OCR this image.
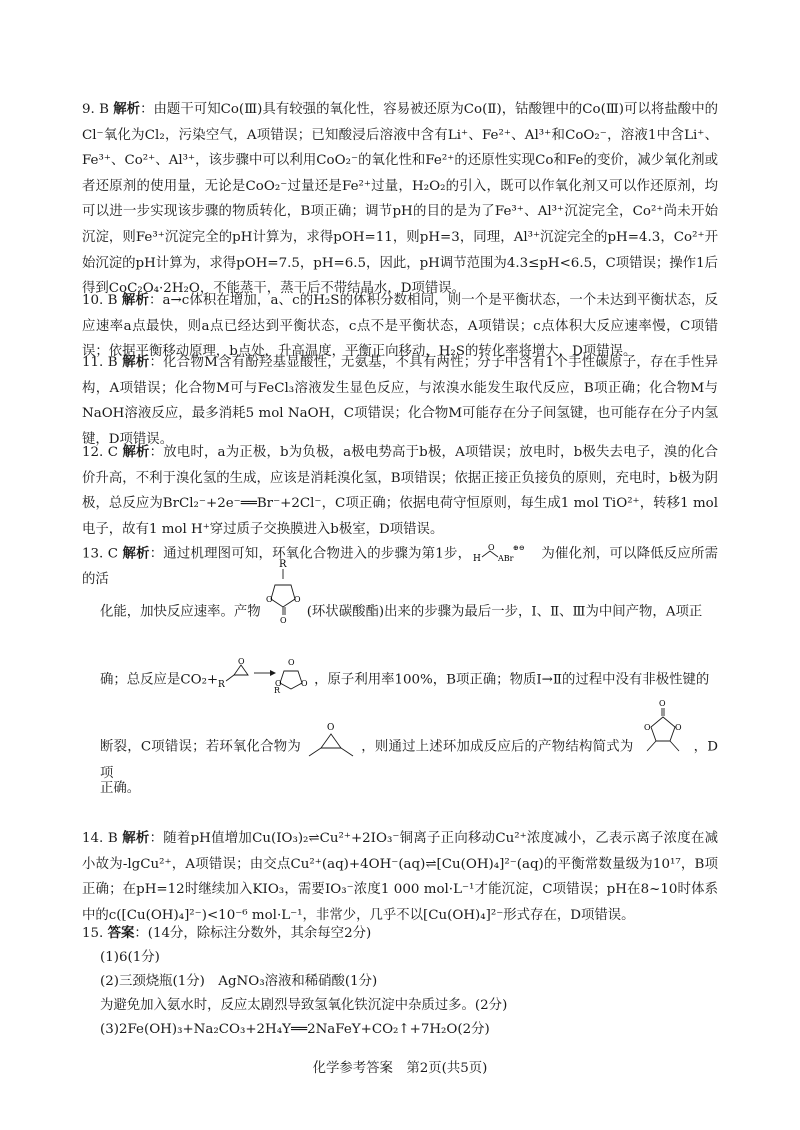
9. B 解析：由题干可知Co(Ⅲ)具有较强的氧化性，容易被还原为Co(Ⅱ)，钴酸锂中的Co(Ⅲ)可以将盐酸中的Cl⁻氧化为Cl₂，污染空气，A项错误；已知酸浸后溶液中含有Li⁺、Fe²⁺、Al³⁺和CoO₂⁻，溶液1中含Li⁺、Fe³⁺、Co²⁺、Al³⁺，该步骤中可以利用CoO₂⁻的氧化性和Fe²⁺的还原性实现Co和Fe的变价，减少氧化剂或者还原剂的使用量，无论是CoO₂⁻过量还是Fe²⁺过量，H₂O₂的引入，既可以作氧化剂又可以作还原剂，均可以进一步实现该步骤的物质转化，B项正确；调节pH的目的是为了Fe³⁺、Al³⁺沉淀完全，Co²⁺尚未开始沉淀，则Fe³⁺沉淀完全的pH计算为，求得pOH=11，则pH=3，同理，Al³⁺沉淀完全的pH=4.3，Co²⁺开始沉淀的pH计算为，求得pOH=7.5，pH=6.5，因此，pH调节范围为4.3≤pH<6.5，C项错误；操作1后得到CoC₂O₄·2H₂O，不能蒸干，蒸干后不带结晶水，D项错误。
10. B 解析：a→c体积在增加，a、c的H₂S的体积分数相同，则一个是平衡状态，一个未达到平衡状态，反应速率a点最快，则a点已经达到平衡状态，c点不是平衡状态，A项错误；c点体积大反应速率慢，C项错误；依据平衡移动原理，b点处，升高温度，平衡正向移动，H₂S的转化率将增大，D项错误。
11. B 解析：化合物M含有酚羟基显酸性，无氨基，不具有两性；分子中含有1个手性碳原子，存在手性异构，A项错误；化合物M可与FeCl₃溶液发生显色反应，与浓溴水能发生取代反应，B项正确；化合物M与NaOH溶液反应，最多消耗5 mol NaOH，C项错误；化合物M可能存在分子间氢键，也可能存在分子内氢键，D项错误。
12. C 解析：放电时，a为正极，b为负极，a极电势高于b极，A项错误；放电时，b极失去电子，溴的化合价升高，不利于溴化氢的生成，应该是消耗溴化氢，B项错误；依据正接正负接负的原则，充电时，b极为阴极，总反应为BrCl₂⁻+2e⁻══Br⁻+2Cl⁻，C项正确；依据电荷守恒原则，每生成1 mol TiO²⁺，转移1 mol电子，故有1 mol H⁺穿过质子交换膜进入b极室，D项错误。
13. C 解析：通过机理图可知，环氧化合物进入的步骤为第1步， H
O
ABr
⊕⊖ 为催化剂，可以降低反应所需的活
化能，加快反应速率。产物
R
O	O
O
(环状碳酸酯)出来的步骤为最后一步，Ⅰ、Ⅱ、Ⅲ为中间产物，A项正
确；总反应是CO₂+ R
O	O
O O
R
，原子利用率100%，B项正确；物质Ⅰ→Ⅱ的过程中没有非极性键的
断裂，C项错误；若环氧化合物为
O
，则通过上述环加成反应后的产物结构简式为
O
O	O
，D项
正确。
14. B 解析：随着pH值增加Cu(IO₃)₂⇌Cu²⁺+2IO₃⁻铜离子正向移动Cu²⁺浓度减小，乙表示离子浓度在减小故为-lgCu²⁺，A项错误；由交点Cu²⁺(aq)+4OH⁻(aq)⇌[Cu(OH)₄]²⁻(aq)的平衡常数量级为10¹⁷，B项正确；在pH=12时继续加入KIO₃，需要IO₃⁻浓度1 000 mol·L⁻¹才能沉淀，C项错误；pH在8~10时体系中的c([Cu(OH)₄]²⁻)<10⁻⁶ mol·L⁻¹，非常少，几乎不以[Cu(OH)₄]²⁻形式存在，D项错误。
15. 答案：(14分，除标注分数外，其余每空2分)
(1)6(1分)
(2)三颈烧瓶(1分)　AgNO₃溶液和稀硝酸(1分)
为避免加入氨水时，反应太剧烈导致氢氧化铁沉淀中杂质过多。(2分)
(3)2Fe(OH)₃+Na₂CO₃+2H₄Y══2NaFeY+CO₂↑+7H₂O(2分)
化学参考答案　第2页(共5页)
